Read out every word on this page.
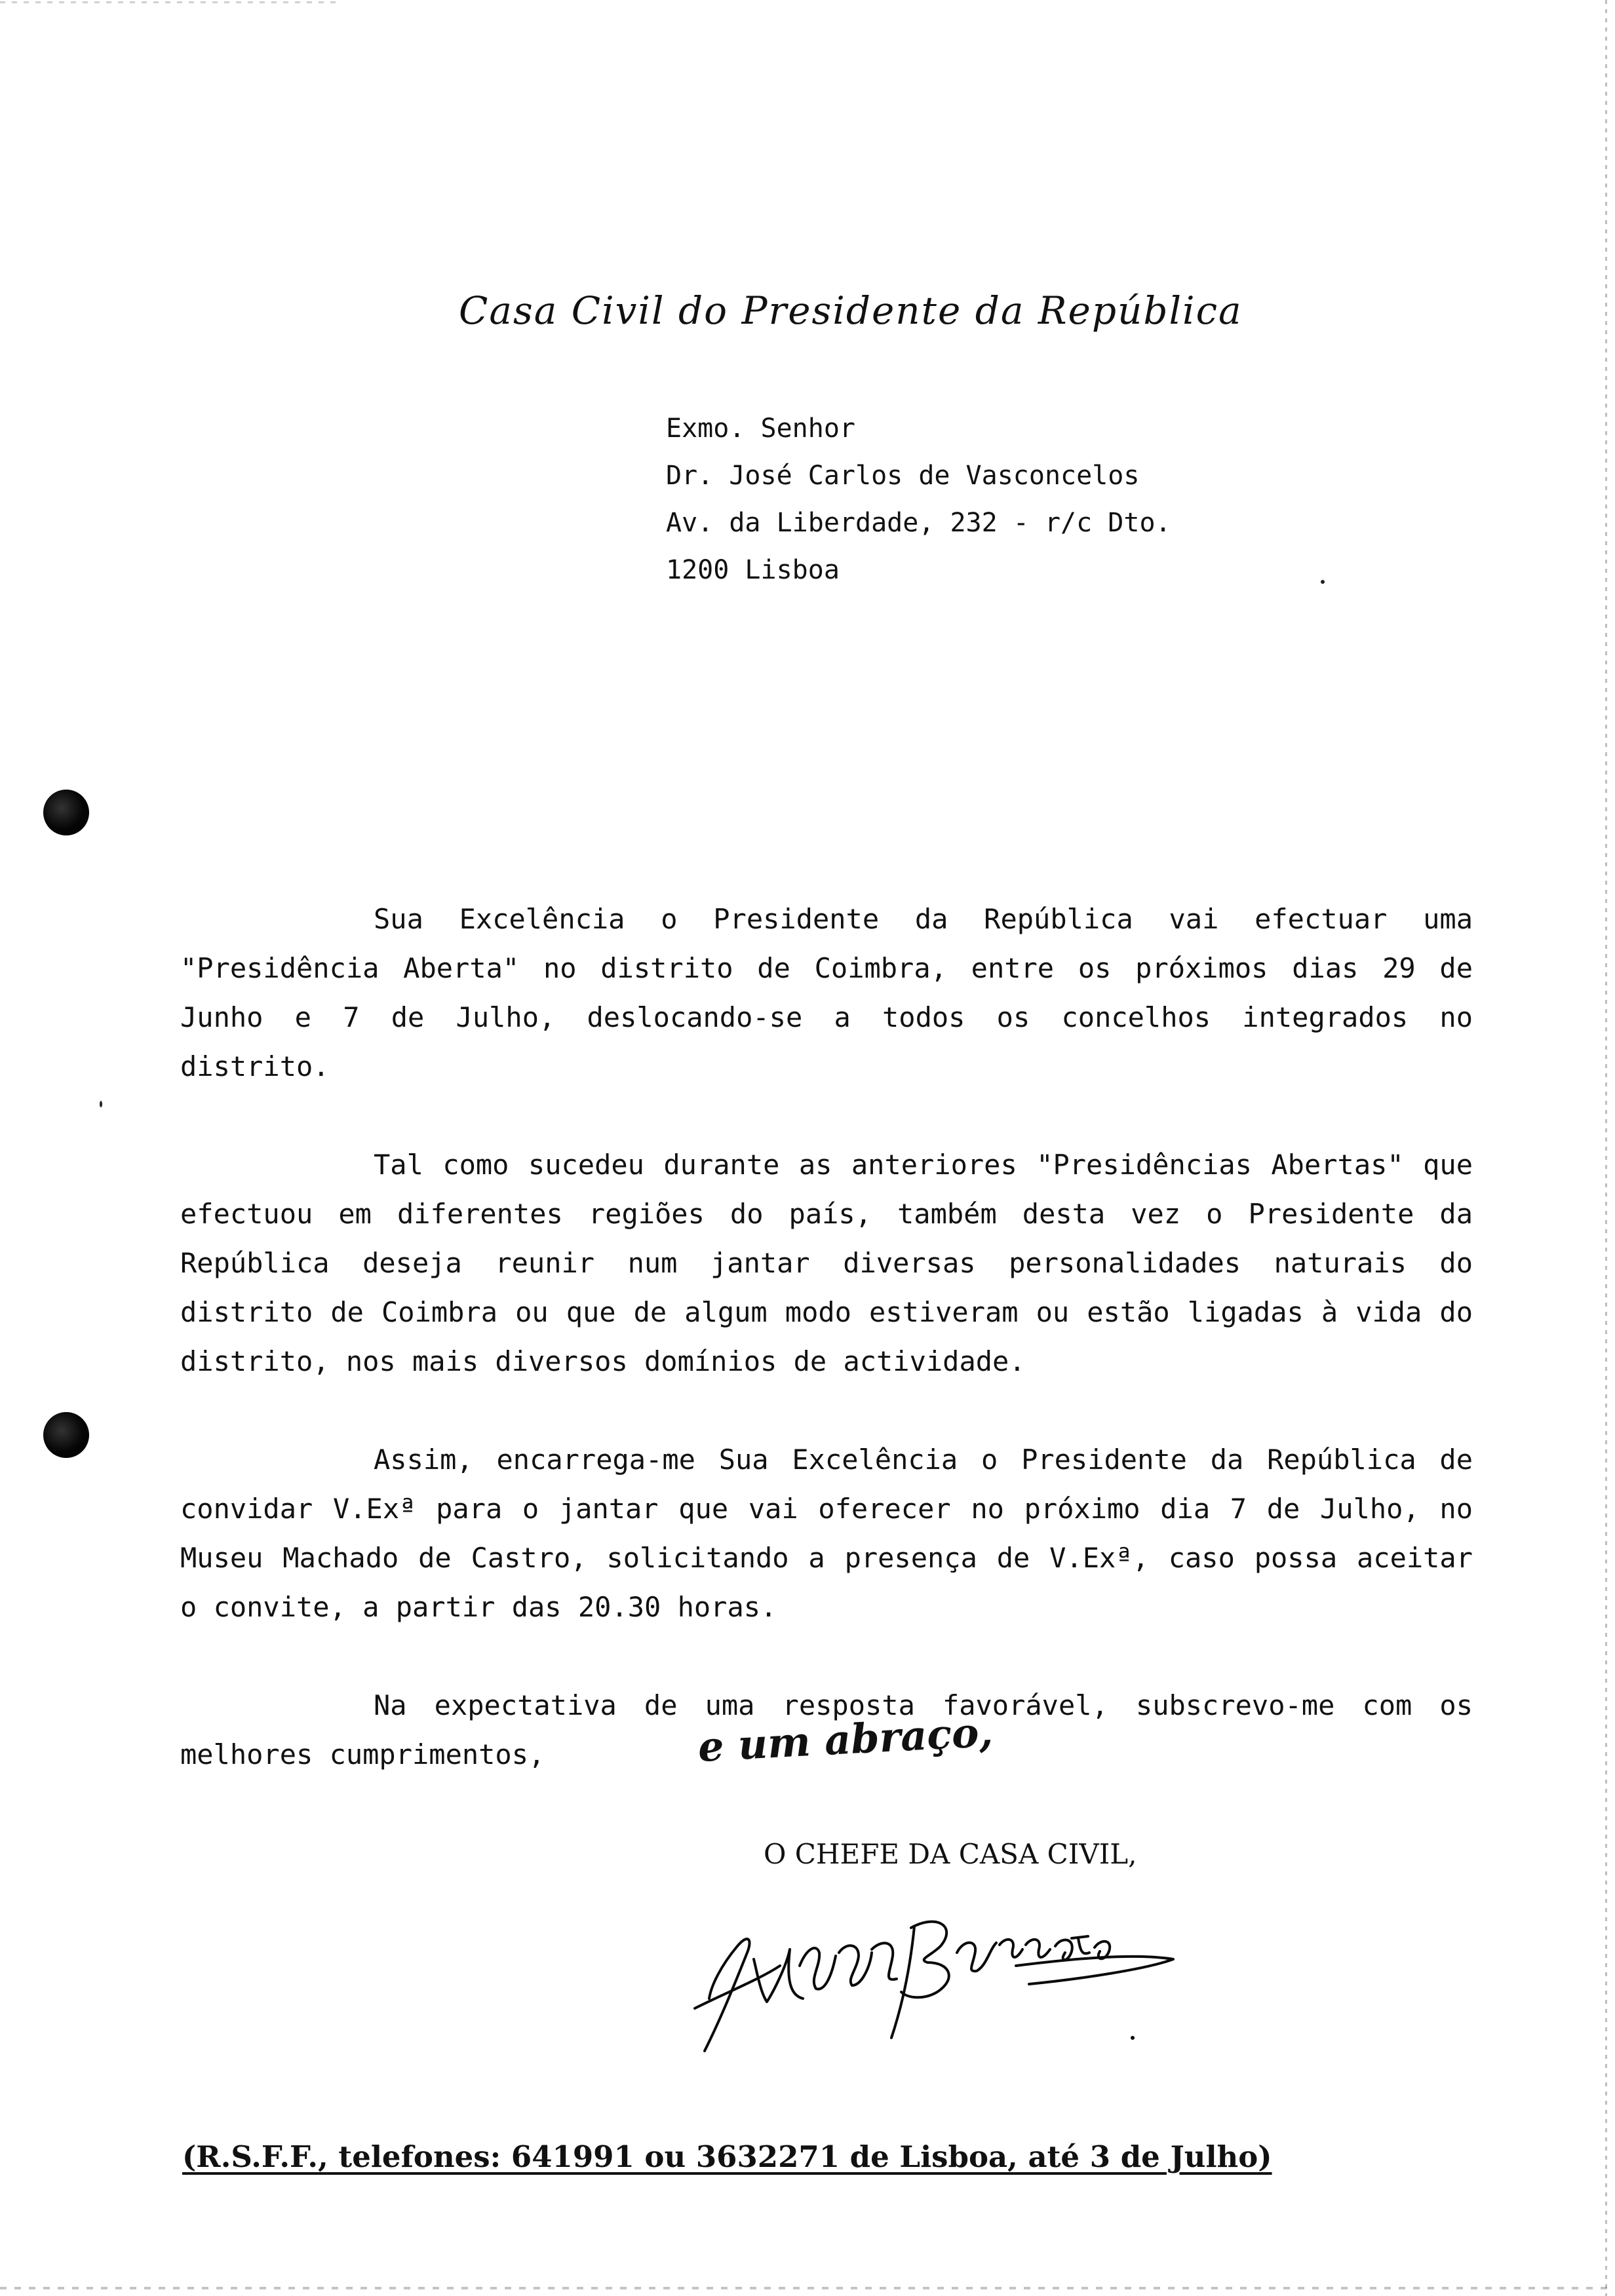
Casa Civil do Presidente da República
Exmo. Senhor
Dr. José Carlos de Vasconcelos
Av. da Liberdade, 232 - r/c Dto.
1200 Lisboa

Sua Excelência o Presidente da República vai efectuar uma "Presidência Aberta" no distrito de Coimbra, entre os próximos dias 29 de Junho e 7 de Julho, deslocando-se a todos os concelhos integrados no distrito.

Tal como sucedeu durante as anteriores "Presidências Abertas" que efectuou em diferentes regiões do país, também desta vez o Presidente da República deseja reunir num jantar diversas personalidades naturais do distrito de Coimbra ou que de algum modo estiveram ou estão ligadas à vida do distrito, nos mais diversos domínios de actividade.

Assim, encarrega-me Sua Excelência o Presidente da República de convidar V.Exª para o jantar que vai oferecer no próximo dia 7 de Julho, no Museu Machado de Castro, solicitando a presença de V.Exª, caso possa aceitar o convite, a partir das 20.30 horas.

Na expectativa de uma resposta favorável, subscrevo-me com os melhores cumprimentos,	e um abraço,
O CHEFE DA CASA CIVIL,
(R.S.F.F., telefones: 641991 ou 3632271 de Lisboa, até 3 de Julho)
